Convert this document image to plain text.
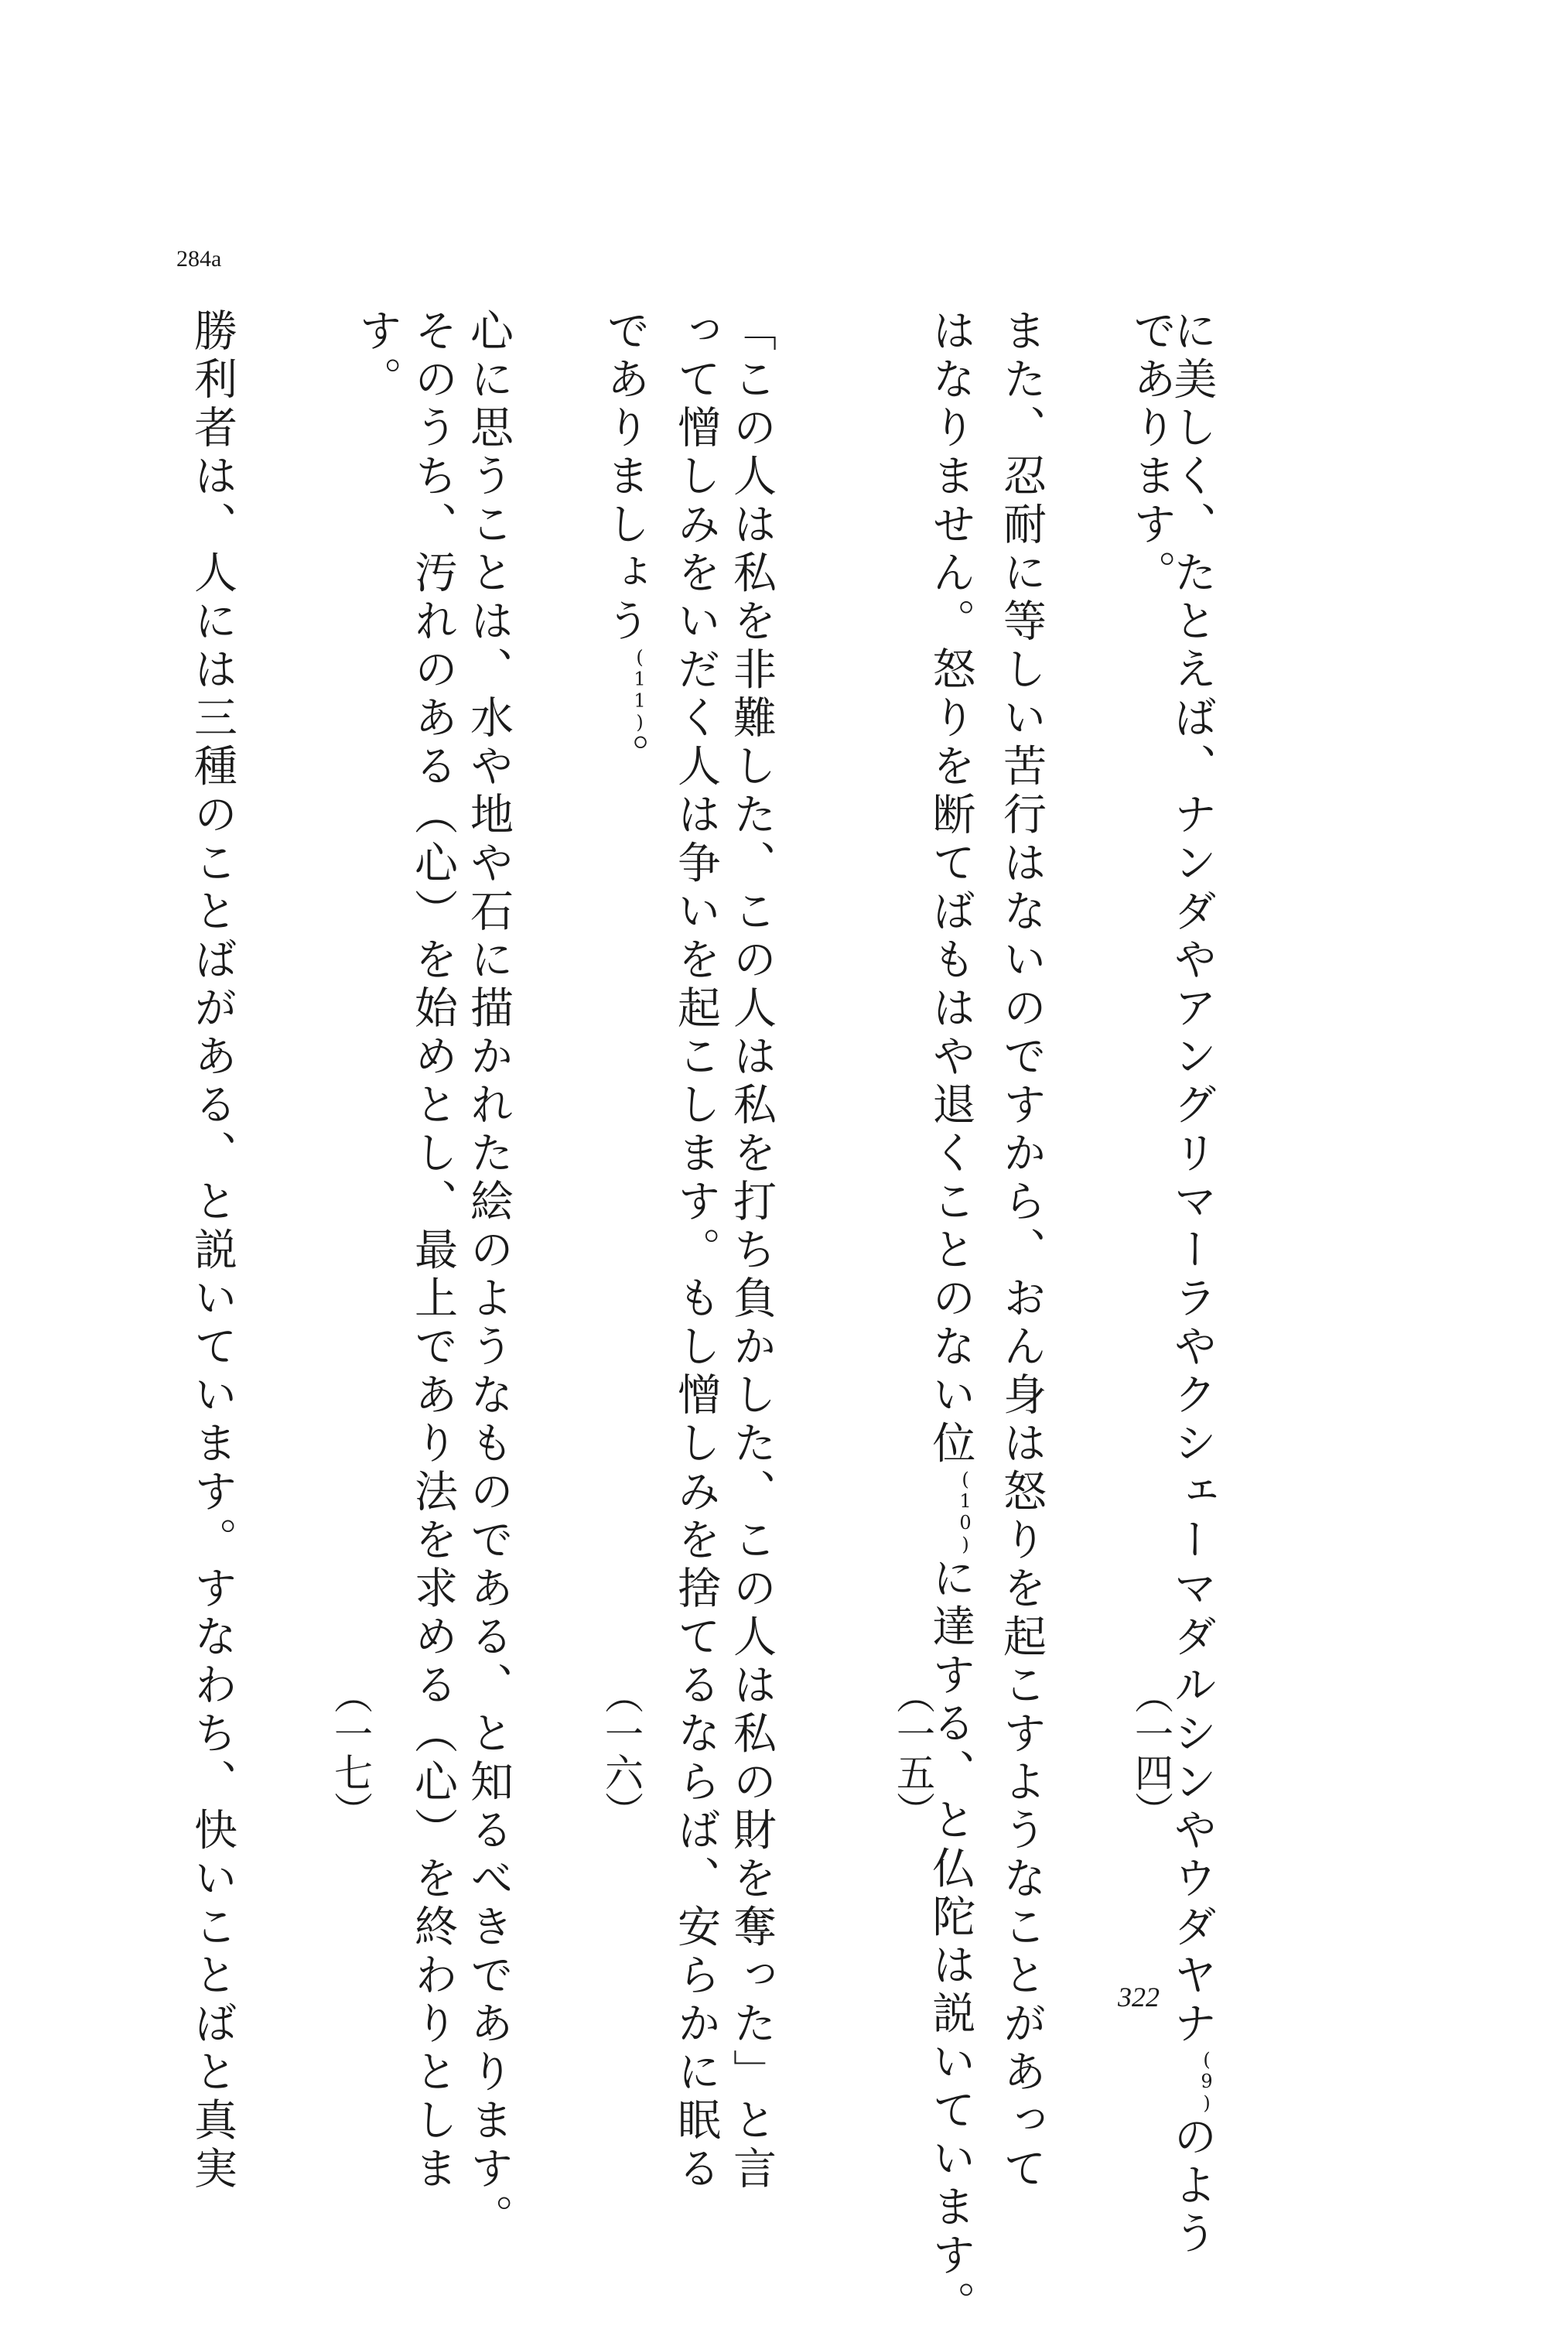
284a
に美しく、たとえば、ナンダやアングリマーラやクシェーマダルシンやウダヤナ$^{(9)}$のよう
であります。
（一四）
また、忍耐に等しい苦行はないのですから、おん身は怒りを起こすようなことがあって
はなりません。怒りを断てばもはや退くことのない位$^{(10)}$に達する、と仏陀は説いています。
（一五）
「この人は私を非難した、この人は私を打ち負かした、この人は私の財を奪った」と言
って憎しみをいだく人は争いを起こします。もし憎しみを捨てるならば、安らかに眠る
でありましょう$^{(11)}$。
（一六）
心に思うことは、水や地や石に描かれた絵のようなものである、と知るべきであります。
そのうち、汚れのある（心）を始めとし、最上であり法を求める（心）を終わりとしま
す。
（一七）
勝利者は、人には三種のことばがある、と説いています。すなわち、快いことばと真実	322
